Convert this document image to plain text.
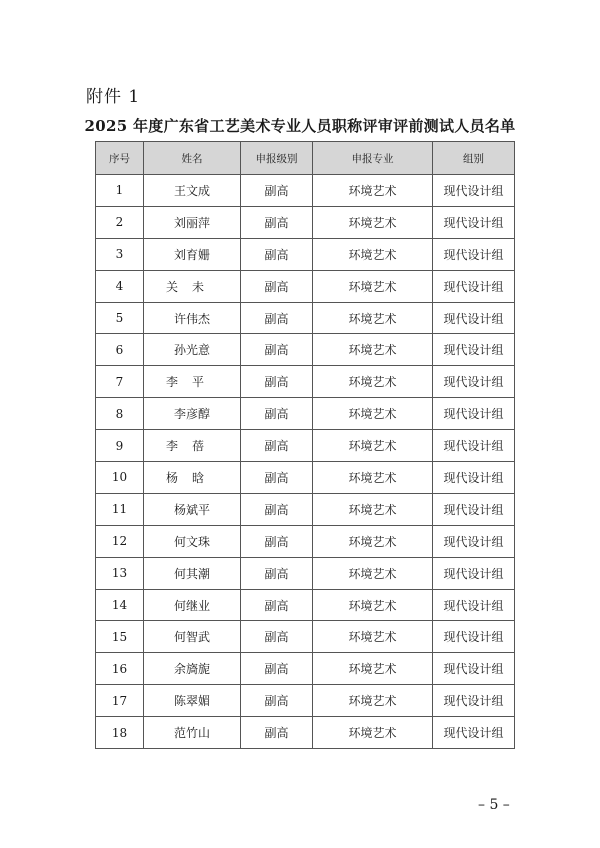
附件 1
2025 年度广东省工艺美术专业人员职称评审评前测试人员名单
序号	姓名	申报级别	申报专业	组别
1	王文成	副高	环境艺术	现代设计组
2	刘丽萍	副高	环境艺术	现代设计组
3	刘育姗	副高	环境艺术	现代设计组
4	关未	副高	环境艺术	现代设计组
5	许伟杰	副高	环境艺术	现代设计组
6	孙光意	副高	环境艺术	现代设计组
7	李平	副高	环境艺术	现代设计组
8	李彦醇	副高	环境艺术	现代设计组
9	李蓓	副高	环境艺术	现代设计组
10	杨晗	副高	环境艺术	现代设计组
11	杨斌平	副高	环境艺术	现代设计组
12	何文珠	副高	环境艺术	现代设计组
13	何其潮	副高	环境艺术	现代设计组
14	何继业	副高	环境艺术	现代设计组
15	何智武	副高	环境艺术	现代设计组
16	余旖旎	副高	环境艺术	现代设计组
17	陈翠媚	副高	环境艺术	现代设计组
18	范竹山	副高	环境艺术	现代设计组
– 5 –
